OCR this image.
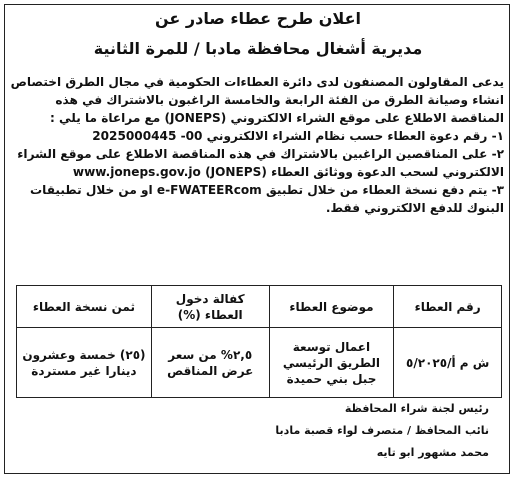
اعلان طرح عطاء صادر عن
مديرية أشغال محافظة مادبا / للمرة الثانية

يدعى المقاولون المصنفون لدى دائرة العطاءات الحكومية في مجال الطرق اختصاص انشاء وصيانة الطرق من الفئة الرابعة والخامسة الراغبون بالاشتراك في هذه المناقصة الاطلاع على موقع الشراء الالكتروني (JONEPS) مع مراعاة ما يلي :

١- رقم دعوة العطاء حسب نظام الشراء الالكتروني 00- 2025000445

٢- على المناقصين الراغبين بالاشتراك في هذه المناقصة الاطلاع على موقع الشراء الالكتروني لسحب الدعوة ووثائق العطاء www.joneps.gov.jo (JONEPS)

٣- يتم دفع نسخة العطاء من خلال تطبيق e-FWATEERcom او من خلال تطبيقات البنوك للدفع الالكتروني فقط.

رقم العطاء	موضوع العطاء	كفالة دخول العطاء (%)	ثمن نسخة العطاء
ش م أ/٥/٢٠٢٥	اعمال توسعة الطريق الرئيسي جبل بني حميدة	٢,٥% من سعر عرض المناقص	(٢٥) خمسة وعشرون دينارا غير مستردة
رئيس لجنة شراء المحافظة
نائب المحافظ / متصرف لواء قصبة مادبا
محمد مشهور ابو تايه
